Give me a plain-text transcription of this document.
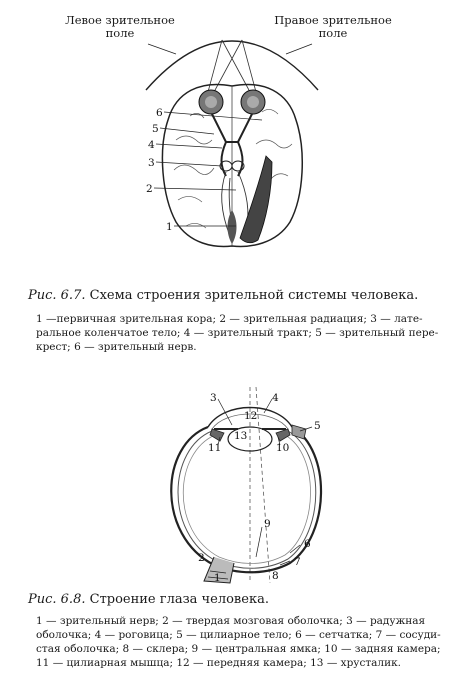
Левое зрительное
поле
Правое зрительное
поле
6
5
4
3
2
1
Рис. 6.7. Схема строения зрительной системы человека.
1 —первичная зрительная кора; 2 — зрительная радиация; 3 — лате-
ральное коленчатое тело; 4 — зрительный тракт; 5 — зрительный пере-
крест; 6 — зрительный нерв.
3	4
5
12
13
11	10
9
6
7
8
2
1
Рис. 6.8. Строение глаза человека.
1 — зрительный нерв; 2 — твердая мозговая оболочка; 3 — радужная
оболочка; 4 — роговица; 5 — цилиарное тело; 6 — сетчатка; 7 — сосуди-
стая оболочка; 8 — склера; 9 — центральная ямка; 10 — задняя камера;
11 — цилиарная мышца; 12 — передняя камера; 13 — хрусталик.
